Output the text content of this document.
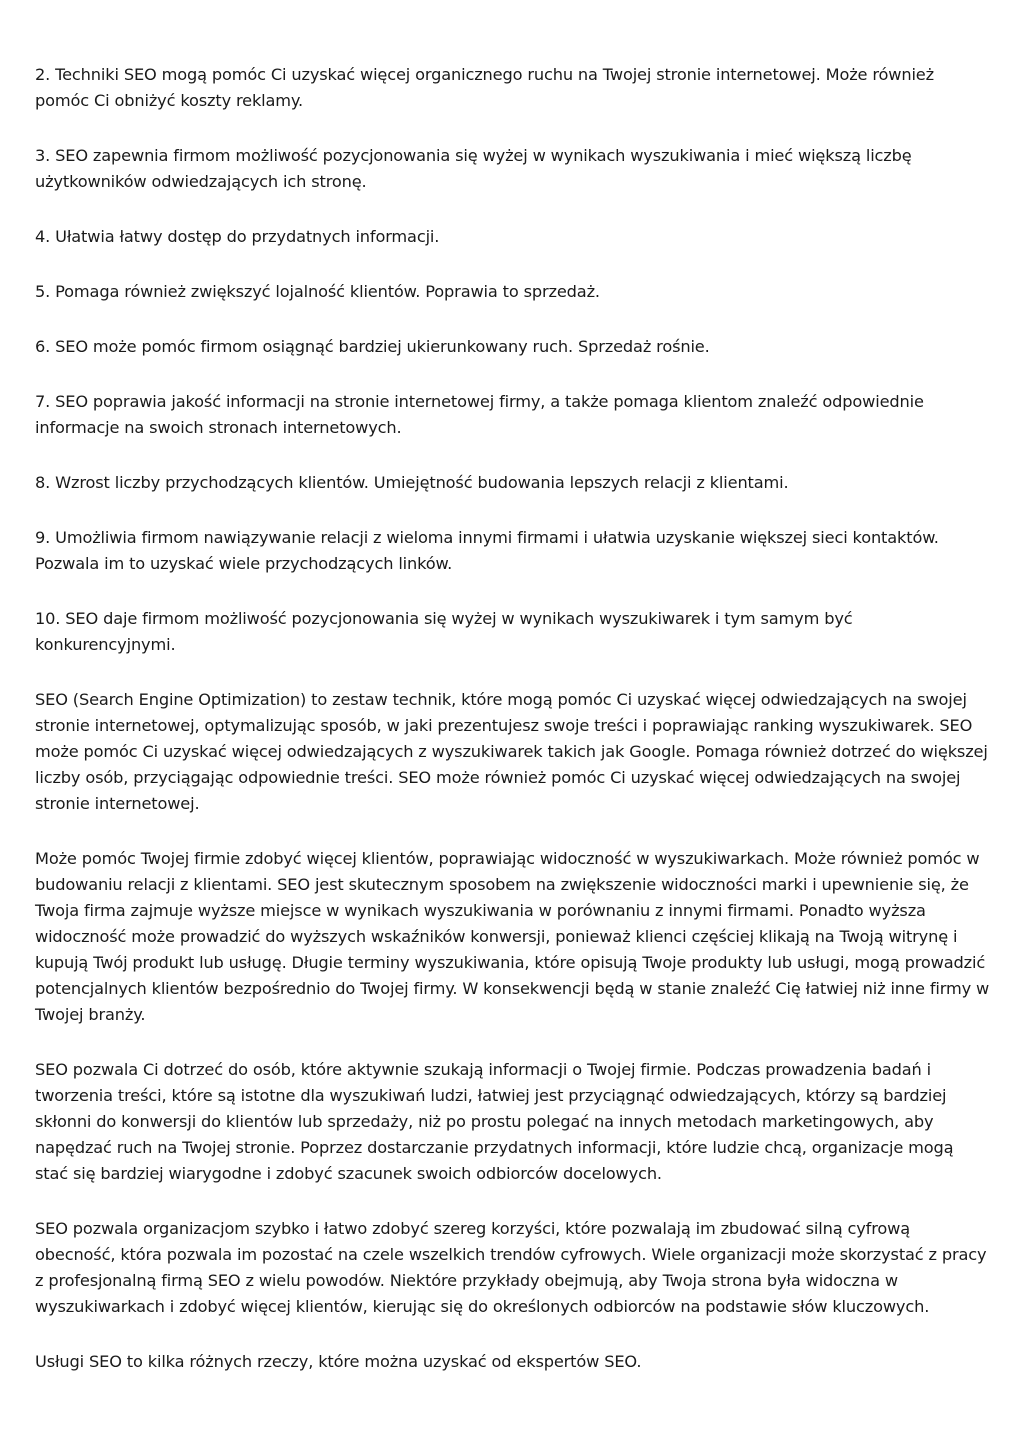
2. Techniki SEO mogą pomóc Ci uzyskać więcej organicznego ruchu na Twojej stronie internetowej. Może również pomóc Ci obniżyć koszty reklamy.

3. SEO zapewnia firmom możliwość pozycjonowania się wyżej w wynikach wyszukiwania i mieć większą liczbę użytkowników odwiedzających ich stronę.

4. Ułatwia łatwy dostęp do przydatnych informacji.

5. Pomaga również zwiększyć lojalność klientów. Poprawia to sprzedaż.

6. SEO może pomóc firmom osiągnąć bardziej ukierunkowany ruch. Sprzedaż rośnie.

7. SEO poprawia jakość informacji na stronie internetowej firmy, a także pomaga klientom znaleźć odpowiednie informacje na swoich stronach internetowych.

8. Wzrost liczby przychodzących klientów. Umiejętność budowania lepszych relacji z klientami.

9. Umożliwia firmom nawiązywanie relacji z wieloma innymi firmami i ułatwia uzyskanie większej sieci kontaktów. Pozwala im to uzyskać wiele przychodzących linków.

10. SEO daje firmom możliwość pozycjonowania się wyżej w wynikach wyszukiwarek i tym samym być konkurencyjnymi.

SEO (Search Engine Optimization) to zestaw technik, które mogą pomóc Ci uzyskać więcej odwiedzających na swojej stronie internetowej, optymalizując sposób, w jaki prezentujesz swoje treści i poprawiając ranking wyszukiwarek. SEO może pomóc Ci uzyskać więcej odwiedzających z wyszukiwarek takich jak Google. Pomaga również dotrzeć do większej liczby osób, przyciągając odpowiednie treści. SEO może również pomóc Ci uzyskać więcej odwiedzających na swojej stronie internetowej.

Może pomóc Twojej firmie zdobyć więcej klientów, poprawiając widoczność w wyszukiwarkach. Może również pomóc w budowaniu relacji z klientami. SEO jest skutecznym sposobem na zwiększenie widoczności marki i upewnienie się, że Twoja firma zajmuje wyższe miejsce w wynikach wyszukiwania w porównaniu z innymi firmami. Ponadto wyższa widoczność może prowadzić do wyższych wskaźników konwersji, ponieważ klienci częściej klikają na Twoją witrynę i kupują Twój produkt lub usługę. Długie terminy wyszukiwania, które opisują Twoje produkty lub usługi, mogą prowadzić potencjalnych klientów bezpośrednio do Twojej firmy. W konsekwencji będą w stanie znaleźć Cię łatwiej niż inne firmy w Twojej branży.

SEO pozwala Ci dotrzeć do osób, które aktywnie szukają informacji o Twojej firmie. Podczas prowadzenia badań i tworzenia treści, które są istotne dla wyszukiwań ludzi, łatwiej jest przyciągnąć odwiedzających, którzy są bardziej skłonni do konwersji do klientów lub sprzedaży, niż po prostu polegać na innych metodach marketingowych, aby napędzać ruch na Twojej stronie. Poprzez dostarczanie przydatnych informacji, które ludzie chcą, organizacje mogą stać się bardziej wiarygodne i zdobyć szacunek swoich odbiorców docelowych.

SEO pozwala organizacjom szybko i łatwo zdobyć szereg korzyści, które pozwalają im zbudować silną cyfrową obecność, która pozwala im pozostać na czele wszelkich trendów cyfrowych. Wiele organizacji może skorzystać z pracy z profesjonalną firmą SEO z wielu powodów. Niektóre przykłady obejmują, aby Twoja strona była widoczna w wyszukiwarkach i zdobyć więcej klientów, kierując się do określonych odbiorców na podstawie słów kluczowych.

Usługi SEO to kilka różnych rzeczy, które można uzyskać od ekspertów SEO.
